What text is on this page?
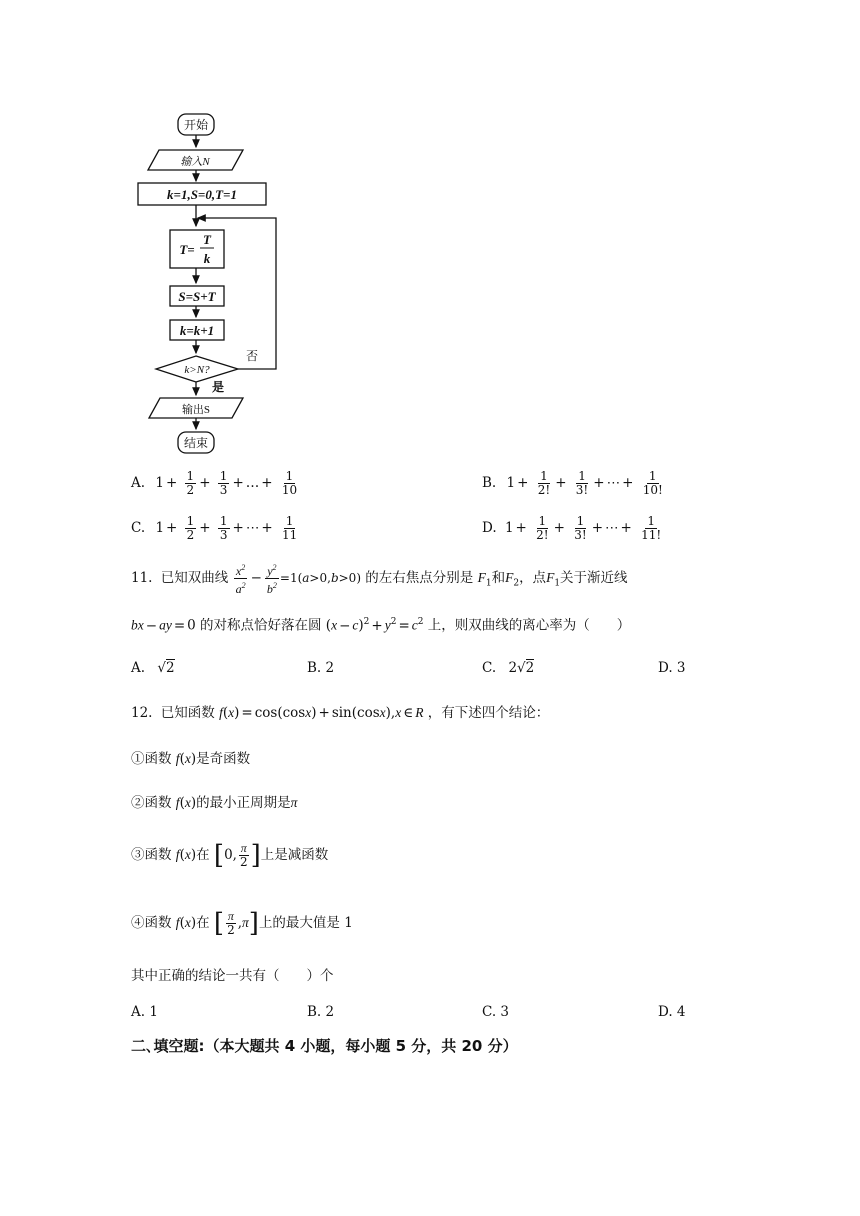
开始
输入N
k=1,S=0,T=1
T=
T
k
S=S+T
k=k+1
k>N?
否
是
输出S
结束
A. $1 + \frac{1}{2} + \frac{1}{3}$ + … + $\frac{1}{10}$	B. $1 + \frac{1}{2!} + \frac{1}{3!}$ + ⋯ + $\frac{1}{10!}$
C. $1 + \frac{1}{2} + \frac{1}{3}$ + ⋯ + $\frac{1}{11}$	D. $1 + \frac{1}{2!} + \frac{1}{3!}$ + ⋯ + $\frac{1}{11!}$
11. 已知双曲线 $\frac{x^2}{a^2} - \frac{y^2}{b^2} =1(a>0,b>0)$ 的左右焦点分别是 $F_1$和$F_2$，点$F_1$关于渐近线
bx − ay = 0 的对称点恰好落在圆 $(x - c)^2 + y^2 = c^2$ 上，则双曲线的离心率为（　　）
A. √2	B. 2	C. 2√2	D. 3
12. 已知函数 f(x) = cos(cosx) + sin(cosx),x ∈ R ，有下述四个结论：
①函数 f(x)是奇函数
②函数 f(x)的最小正周期是π
③函数 f(x)在 [0, $\frac{\pi}{2}$ ]上是减函数
④函数 f(x)在 [ $\frac{\pi}{2} ,\pi$]上的最大值是 1
其中正确的结论一共有（　　）个
A. 1	B. 2	C. 3	D. 4
二､填空题:（本大题共 4 小题，每小题 5 分，共 20 分）
